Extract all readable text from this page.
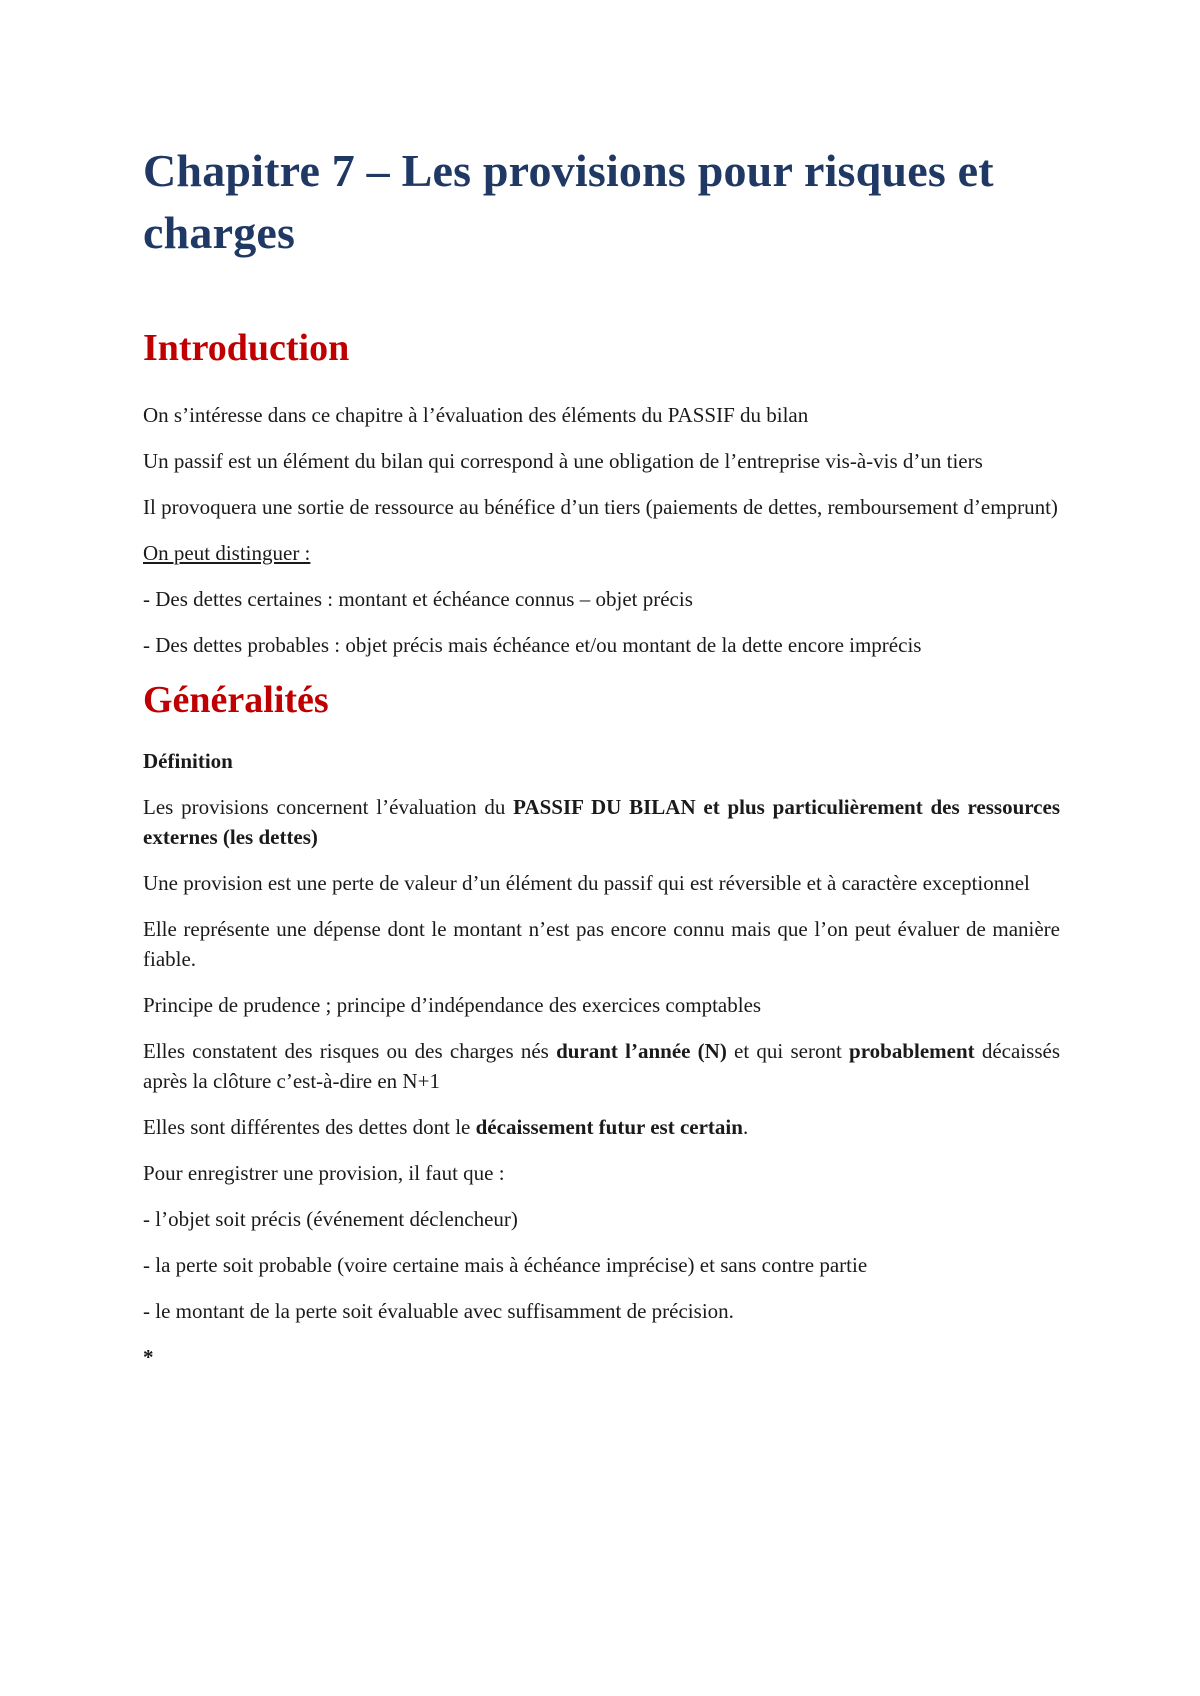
Chapitre 7 – Les provisions pour risques et charges
Introduction

On s’intéresse dans ce chapitre à l’évaluation des éléments du PASSIF du bilan

Un passif est un élément du bilan qui correspond à une obligation de l’entreprise vis-à-vis d’un tiers

Il provoquera une sortie de ressource au bénéfice d’un tiers (paiements de dettes, remboursement d’emprunt)

On peut distinguer :

- Des dettes certaines : montant et échéance connus – objet précis

- Des dettes probables : objet précis mais échéance et/ou montant de la dette encore imprécis

Généralités

Définition

Les provisions concernent l’évaluation du PASSIF DU BILAN et plus particulièrement des ressources externes (les dettes)

Une provision est une perte de valeur d’un élément du passif qui est réversible et à caractère exceptionnel

Elle représente une dépense dont le montant n’est pas encore connu mais que l’on peut évaluer de manière fiable.

Principe de prudence ; principe d’indépendance des exercices comptables

Elles constatent des risques ou des charges nés durant l’année (N) et qui seront probablement décaissés après la clôture c’est-à-dire en N+1

Elles sont différentes des dettes dont le décaissement futur est certain.

Pour enregistrer une provision, il faut que :

- l’objet soit précis (événement déclencheur)

- la perte soit probable (voire certaine mais à échéance imprécise) et sans contre partie

- le montant de la perte soit évaluable avec suffisamment de précision.

*
